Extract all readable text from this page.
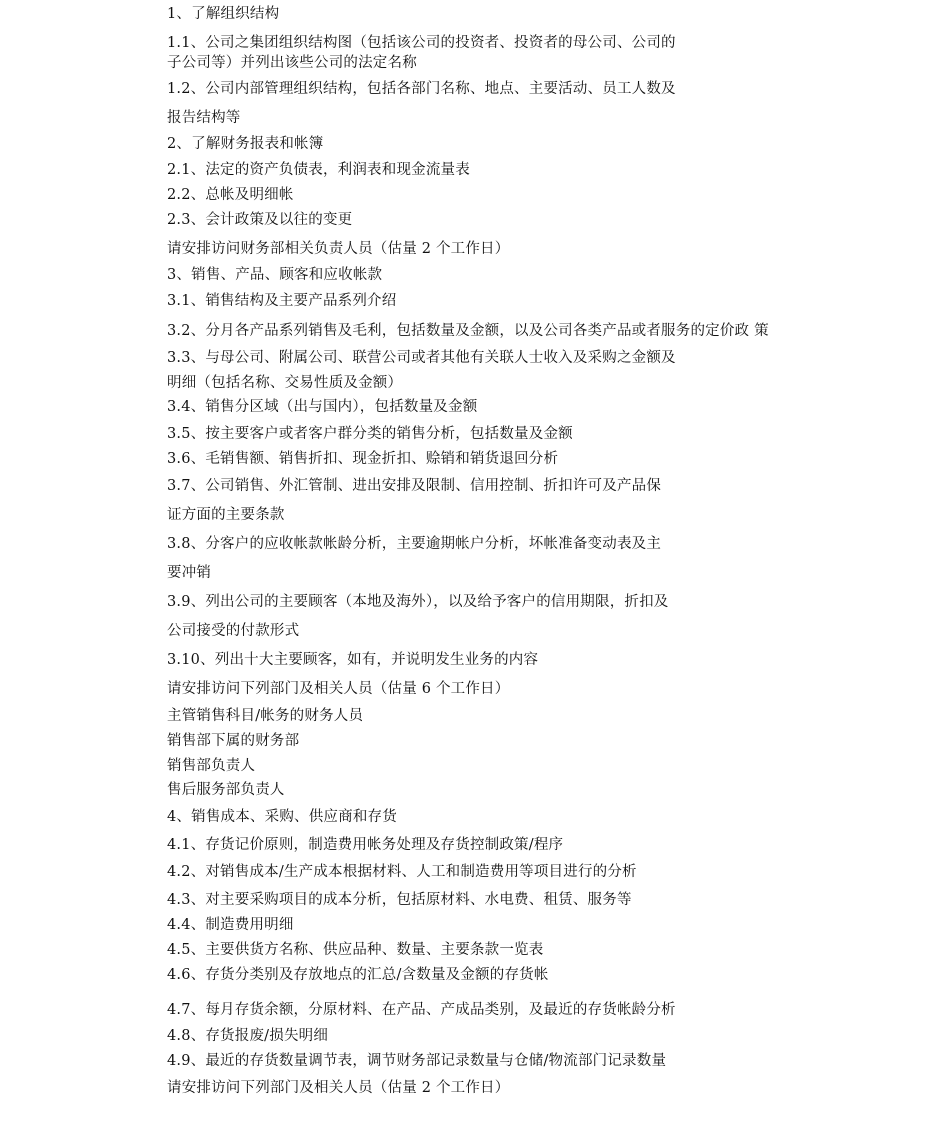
1、了解组织结构
1.1、公司之集团组织结构图（包括该公司的投资者、投资者的母公司、公司的
子公司等）并列出该些公司的法定名称
1.2、公司内部管理组织结构，包括各部门名称、地点、主要活动、员工人数及
报告结构等
2、了解财务报表和帐簿
2.1、法定的资产负债表，利润表和现金流量表
2.2、总帐及明细帐
2.3、会计政策及以往的变更
请安排访问财务部相关负责人员（估量 2 个工作日）
3、销售、产品、顾客和应收帐款
3.1、销售结构及主要产品系列介绍
3.2、分月各产品系列销售及毛利，包括数量及金额，以及公司各类产品或者服务的定价政 策
3.3、与母公司、附属公司、联营公司或者其他有关联人士收入及采购之金额及
明细（包括名称、交易性质及金额）
3.4、销售分区域（出与国内），包括数量及金额
3.5、按主要客户或者客户群分类的销售分析，包括数量及金额
3.6、毛销售额、销售折扣、现金折扣、赊销和销货退回分析
3.7、公司销售、外汇管制、进出安排及限制、信用控制、折扣许可及产品保
证方面的主要条款
3.8、分客户的应收帐款帐龄分析，主要逾期帐户分析，坏帐准备变动表及主
要冲销
3.9、列出公司的主要顾客（本地及海外），以及给予客户的信用期限，折扣及
公司接受的付款形式
3.10、列出十大主要顾客，如有，并说明发生业务的内容
请安排访问下列部门及相关人员（估量 6 个工作日）
主管销售科目/帐务的财务人员
销售部下属的财务部
销售部负责人
售后服务部负责人
4、销售成本、采购、供应商和存货
4.1、存货记价原则，制造费用帐务处理及存货控制政策/程序
4.2、对销售成本/生产成本根据材料、人工和制造费用等项目进行的分析
4.3、对主要采购项目的成本分析，包括原材料、水电费、租赁、服务等
4.4、制造费用明细
4.5、主要供货方名称、供应品种、数量、主要条款一览表
4.6、存货分类别及存放地点的汇总/含数量及金额的存货帐
4.7、每月存货余额，分原材料、在产品、产成品类别，及最近的存货帐龄分析
4.8、存货报废/损失明细
4.9、最近的存货数量调节表，调节财务部记录数量与仓储/物流部门记录数量
请安排访问下列部门及相关人员（估量 2 个工作日）
